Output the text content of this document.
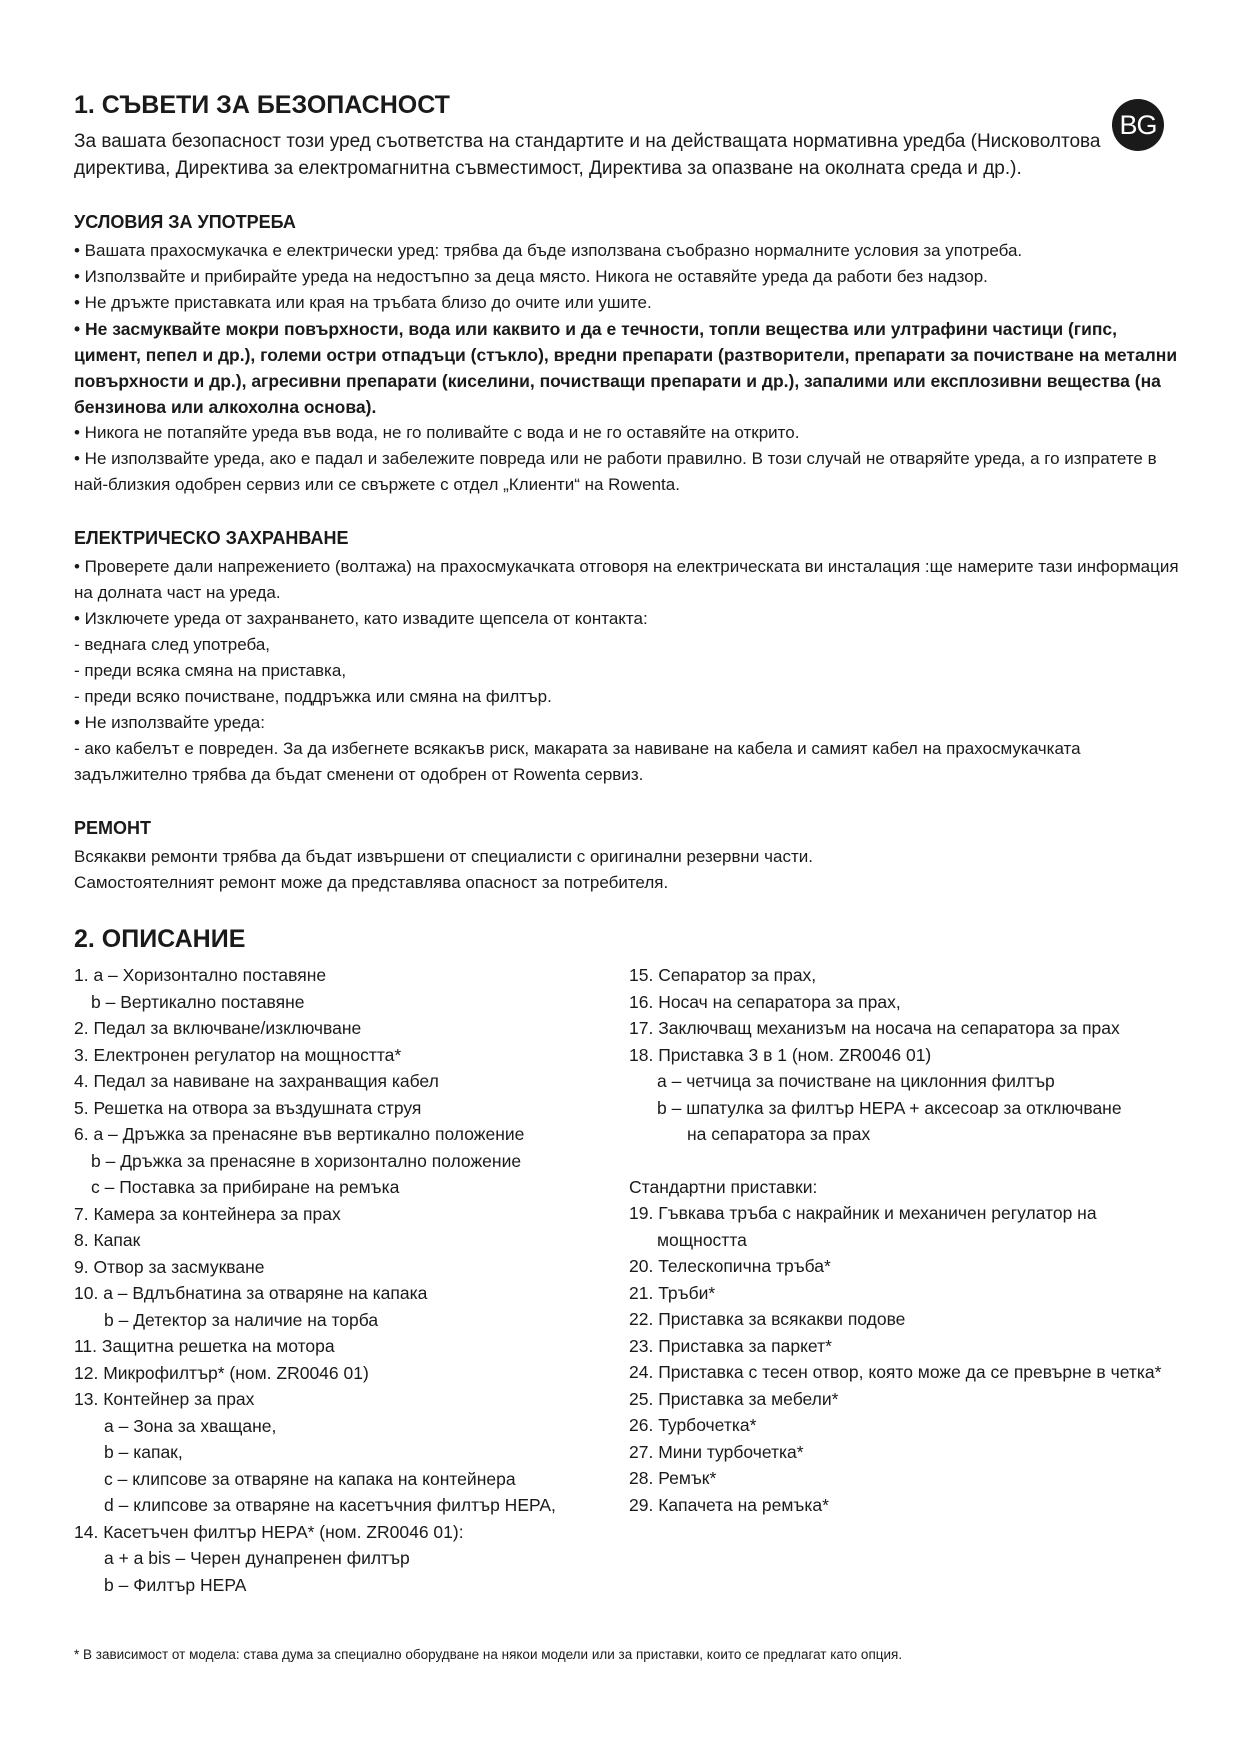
BG
1. СЪВЕТИ ЗА БЕЗОПАСНОСТ

За вашата безопасност този уред съответства на стандартите и на действащата нормативна уредба (Нисковолтова директива, Директива за електромагнитна съвместимост, Директива за опазване на околната среда и др.).

УСЛОВИЯ ЗА УПОТРЕБА

• Вашата прахосмукачка е електрически уред: трябва да бъде използвана съобразно нормалните условия за употреба.

• Използвайте и прибирайте уреда на недостъпно за деца място. Никога не оставяйте уреда да работи без надзор.

• Не дръжте приставката или края на тръбата близо до очите или ушите.

• Не засмуквайте мокри повърхности, вода или каквито и да е течности, топли вещества или ултрафини частици (гипс, цимент, пепел и др.), големи остри отпадъци (стъкло), вредни препарати (разтворители, препарати за почистване на метални повърхности и др.), агресивни препарати (киселини, почистващи препарати и др.), запалими или експлозивни вещества (на бензинова или алкохолна основа).

• Никога не потапяйте уреда във вода, не го поливайте с вода и не го оставяйте на открито.

• Не използвайте уреда, ако е падал и забележите повреда или не работи правилно. В този случай не отваряйте уреда, а го изпратете в най-близкия одобрен сервиз или се свържете с отдел „Клиенти“ на Rowenta.

ЕЛЕКТРИЧЕСКО ЗАХРАНВАНЕ

• Проверете дали напрежението (волтажа) на прахосмукачката отговоря на електрическата ви инсталация :ще намерите тази информация на долната част на уреда.

• Изключете уреда от захранването, като извадите щепсела от контакта:

- веднага след употреба,

- преди всяка смяна на приставка,

- преди всяко почистване, поддръжка или смяна на филтър.

• Не използвайте уреда:

- ако кабелът е повреден. За да избегнете всякакъв риск, макарата за навиване на кабела и самият кабел на прахосмукачката задължително трябва да бъдат сменени от одобрен от Rowenta сервиз.

РЕМОНТ

Всякакви ремонти трябва да бъдат извършени от специалисти с оригинални резервни части.

Самостоятелният ремонт може да представлява опасност за потребителя.

2. ОПИСАНИЕ
1. a – Хоризонтално поставяне
b – Вертикално поставяне
2. Педал за включване/изключване
3. Електронен регулатор на мощността*
4. Педал за навиване на захранващия кабел
5. Решетка на отвора за въздушната струя
6. a – Дръжка за пренасяне във вертикално положение
b – Дръжка за пренасяне в хоризонтално положение
c – Поставка за прибиране на ремъка
7. Камера за контейнера за прах
8. Капак
9. Отвор за засмукване
10. a – Вдлъбнатина за отваряне на капака
b – Детектор за наличие на торба
11. Защитна решетка на мотора
12. Микрофилтър* (ном. ZR0046 01)
13. Контейнер за прах
a – Зона за хващане,
b – капак,
c – клипсове за отваряне на капака на контейнера
d – клипсове за отваряне на касетъчния филтър HEPA,
14. Касетъчен филтър HEPA* (ном. ZR0046 01):
a + a bis – Черен дунапренен филтър
b – Филтър HEPA
15. Сепаратор за прах,
16. Носач на сепаратора за прах,
17. Заключващ механизъм на носача на сепаратора за прах
18. Приставка 3 в 1 (ном. ZR0046 01)
a – четчица за почистване на циклонния филтър
b – шпатулка за филтър HEPA + аксесоар за отключване
на сепаратора за прах
Стандартни приставки:
19. Гъвкава тръба с накрайник и механичен регулатор на
мощността
20. Телескопична тръба*
21. Тръби*
22. Приставка за всякакви подове
23. Приставка за паркет*
24. Приставка с тесен отвор, която може да се превърне в четка*
25. Приставка за мебели*
26. Турбочетка*
27. Мини турбочетка*
28. Ремък*
29. Капачета на ремъка*
* В зависимост от модела: става дума за специално оборудване на някои модели или за приставки, които се предлагат като опция.
